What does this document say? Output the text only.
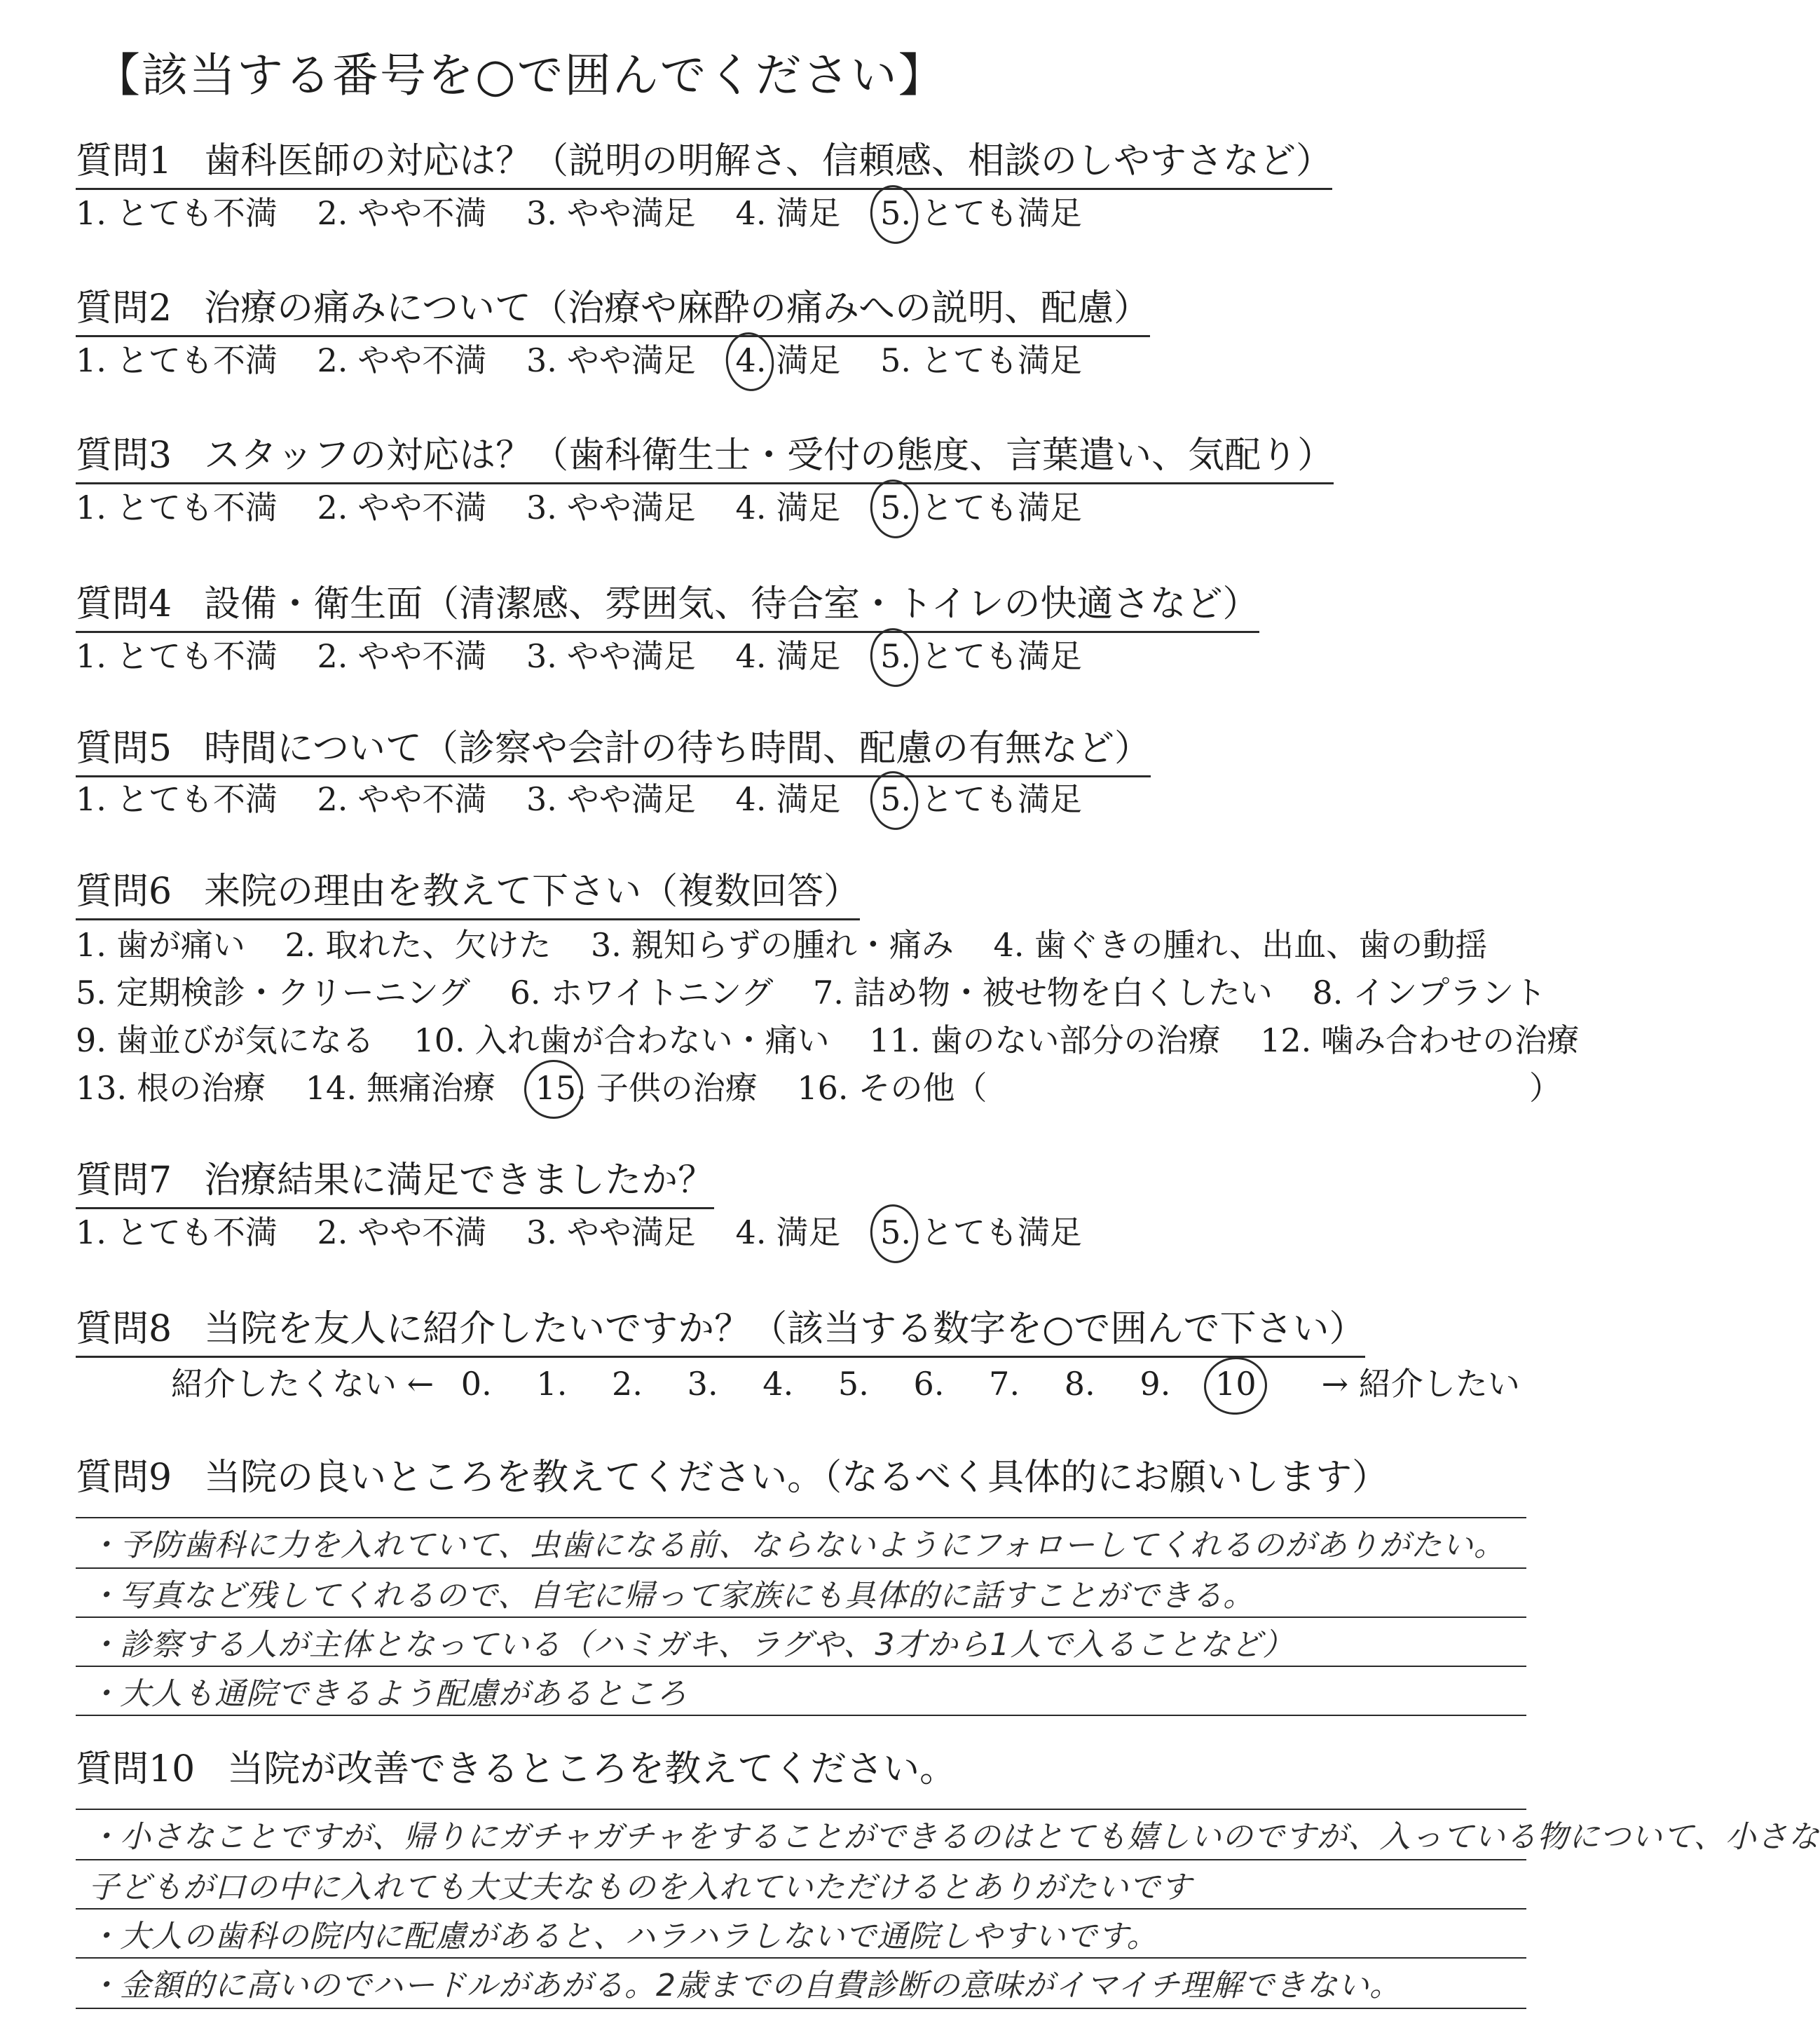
【該当する番号を○で囲んでください】
質問1 歯科医師の対応は？（説明の明解さ、信頼感、相談のしやすさなど）
1. とても不満 2. やや不満 3. やや満足 4. 満足 5. とても満足
質問2 治療の痛みについて（治療や麻酔の痛みへの説明、配慮）
1. とても不満 2. やや不満 3. やや満足 4. 満足 5. とても満足
質問3 スタッフの対応は？（歯科衛生士・受付の態度、言葉遣い、気配り）
1. とても不満 2. やや不満 3. やや満足 4. 満足 5. とても満足
質問4 設備・衛生面（清潔感、雰囲気、待合室・トイレの快適さなど）
1. とても不満 2. やや不満 3. やや満足 4. 満足 5. とても満足
質問5 時間について（診察や会計の待ち時間、配慮の有無など）
1. とても不満 2. やや不満 3. やや満足 4. 満足 5. とても満足
質問6 来院の理由を教えて下さい（複数回答）
1. 歯が痛い 2. 取れた、欠けた 3. 親知らずの腫れ・痛み 4. 歯ぐきの腫れ、出血、歯の動揺
5. 定期検診・クリーニング 6. ホワイトニング 7. 詰め物・被せ物を白くしたい 8. インプラント
9. 歯並びが気になる 10. 入れ歯が合わない・痛い 11. 歯のない部分の治療 12. 噛み合わせの治療
13. 根の治療 14. 無痛治療 15. 子供の治療 16. その他（	）
質問7 治療結果に満足できましたか？
1. とても不満 2. やや不満 3. やや満足 4. 満足 5. とても満足
質問8 当院を友人に紹介したいですか？（該当する数字を○で囲んで下さい）
紹介したくない ← 0. 1. 2. 3. 4. 5. 6. 7. 8. 9. 10 → 紹介したい
質問9 当院の良いところを教えてください。（なるべく具体的にお願いします）
・予防歯科に力を入れていて、虫歯になる前、ならないようにフォローしてくれるのがありがたい。
・写真など残してくれるので、自宅に帰って家族にも具体的に話すことができる。
・診察する人が主体となっている（ハミガキ、ラグや、3才から1人で入ることなど）
・大人も通院できるよう配慮があるところ
質問10 当院が改善できるところを教えてください。
・小さなことですが、帰りにガチャガチャをすることができるのはとても嬉しいのですが、入っている物について、小さな
子どもが口の中に入れても大丈夫なものを入れていただけるとありがたいです
・大人の歯科の院内に配慮があると、ハラハラしないで通院しやすいです。
・金額的に高いのでハードルがあがる。2歳までの自費診断の意味がイマイチ理解できない。
